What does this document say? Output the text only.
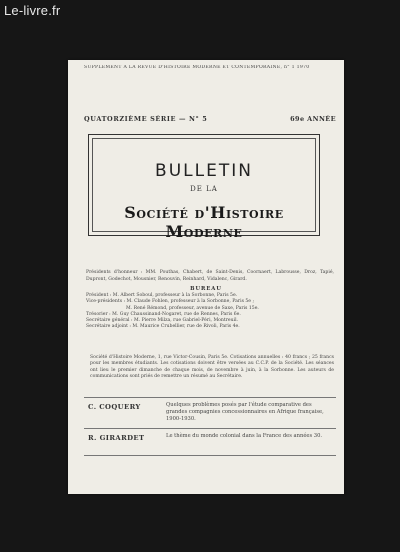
Le-livre.fr
SUPPLÉMENT À LA REVUE D'HISTOIRE MODERNE ET CONTEMPORAINE, n° 1 1970
QUATORZIÈME SÉRIE — N° 5	69e ANNÉE
BULLETIN
DE LA
Société d'Histoire Moderne
Présidents d'honneur : MM. Pouthas, Chabert, de Saint-Denis, Coornaert, Labrousse, Droz, Tapié, Dupront, Godechot, Mousnier, Renouvin, Reinhard, Vidalenc, Girard.
BUREAU
Président : M. Albert Soboul, professeur à la Sorbonne, Paris 5e.
Vice-présidents : M. Claude Fohlen, professeur à la Sorbonne, Paris 5e ;
M. René Rémond, professeur, avenue de Saxe, Paris 15e.
Trésorier : M. Guy Chaussinand-Nogaret, rue de Rennes, Paris 6e.
Secrétaire général : M. Pierre Milza, rue Gabriel-Péri, Montreuil.
Secrétaire adjoint : M. Maurice Crubellier, rue de Rivoli, Paris 4e.
Société d'Histoire Moderne, 1, rue Victor-Cousin, Paris 5e. Cotisations annuelles : 40 francs ; 25 francs pour les membres étudiants. Les cotisations doivent être versées au C.C.P. de la Société. Les séances ont lieu le premier dimanche de chaque mois, de novembre à juin, à la Sorbonne. Les auteurs de communications sont priés de remettre un résumé au Secrétaire.
C. COQUERY	Quelques problèmes posés par l'étude comparative des grandes compagnies concessionnaires en Afrique française, 1900-1930.
R. GIRARDET	Le thème du monde colonial dans la France des années 30.
